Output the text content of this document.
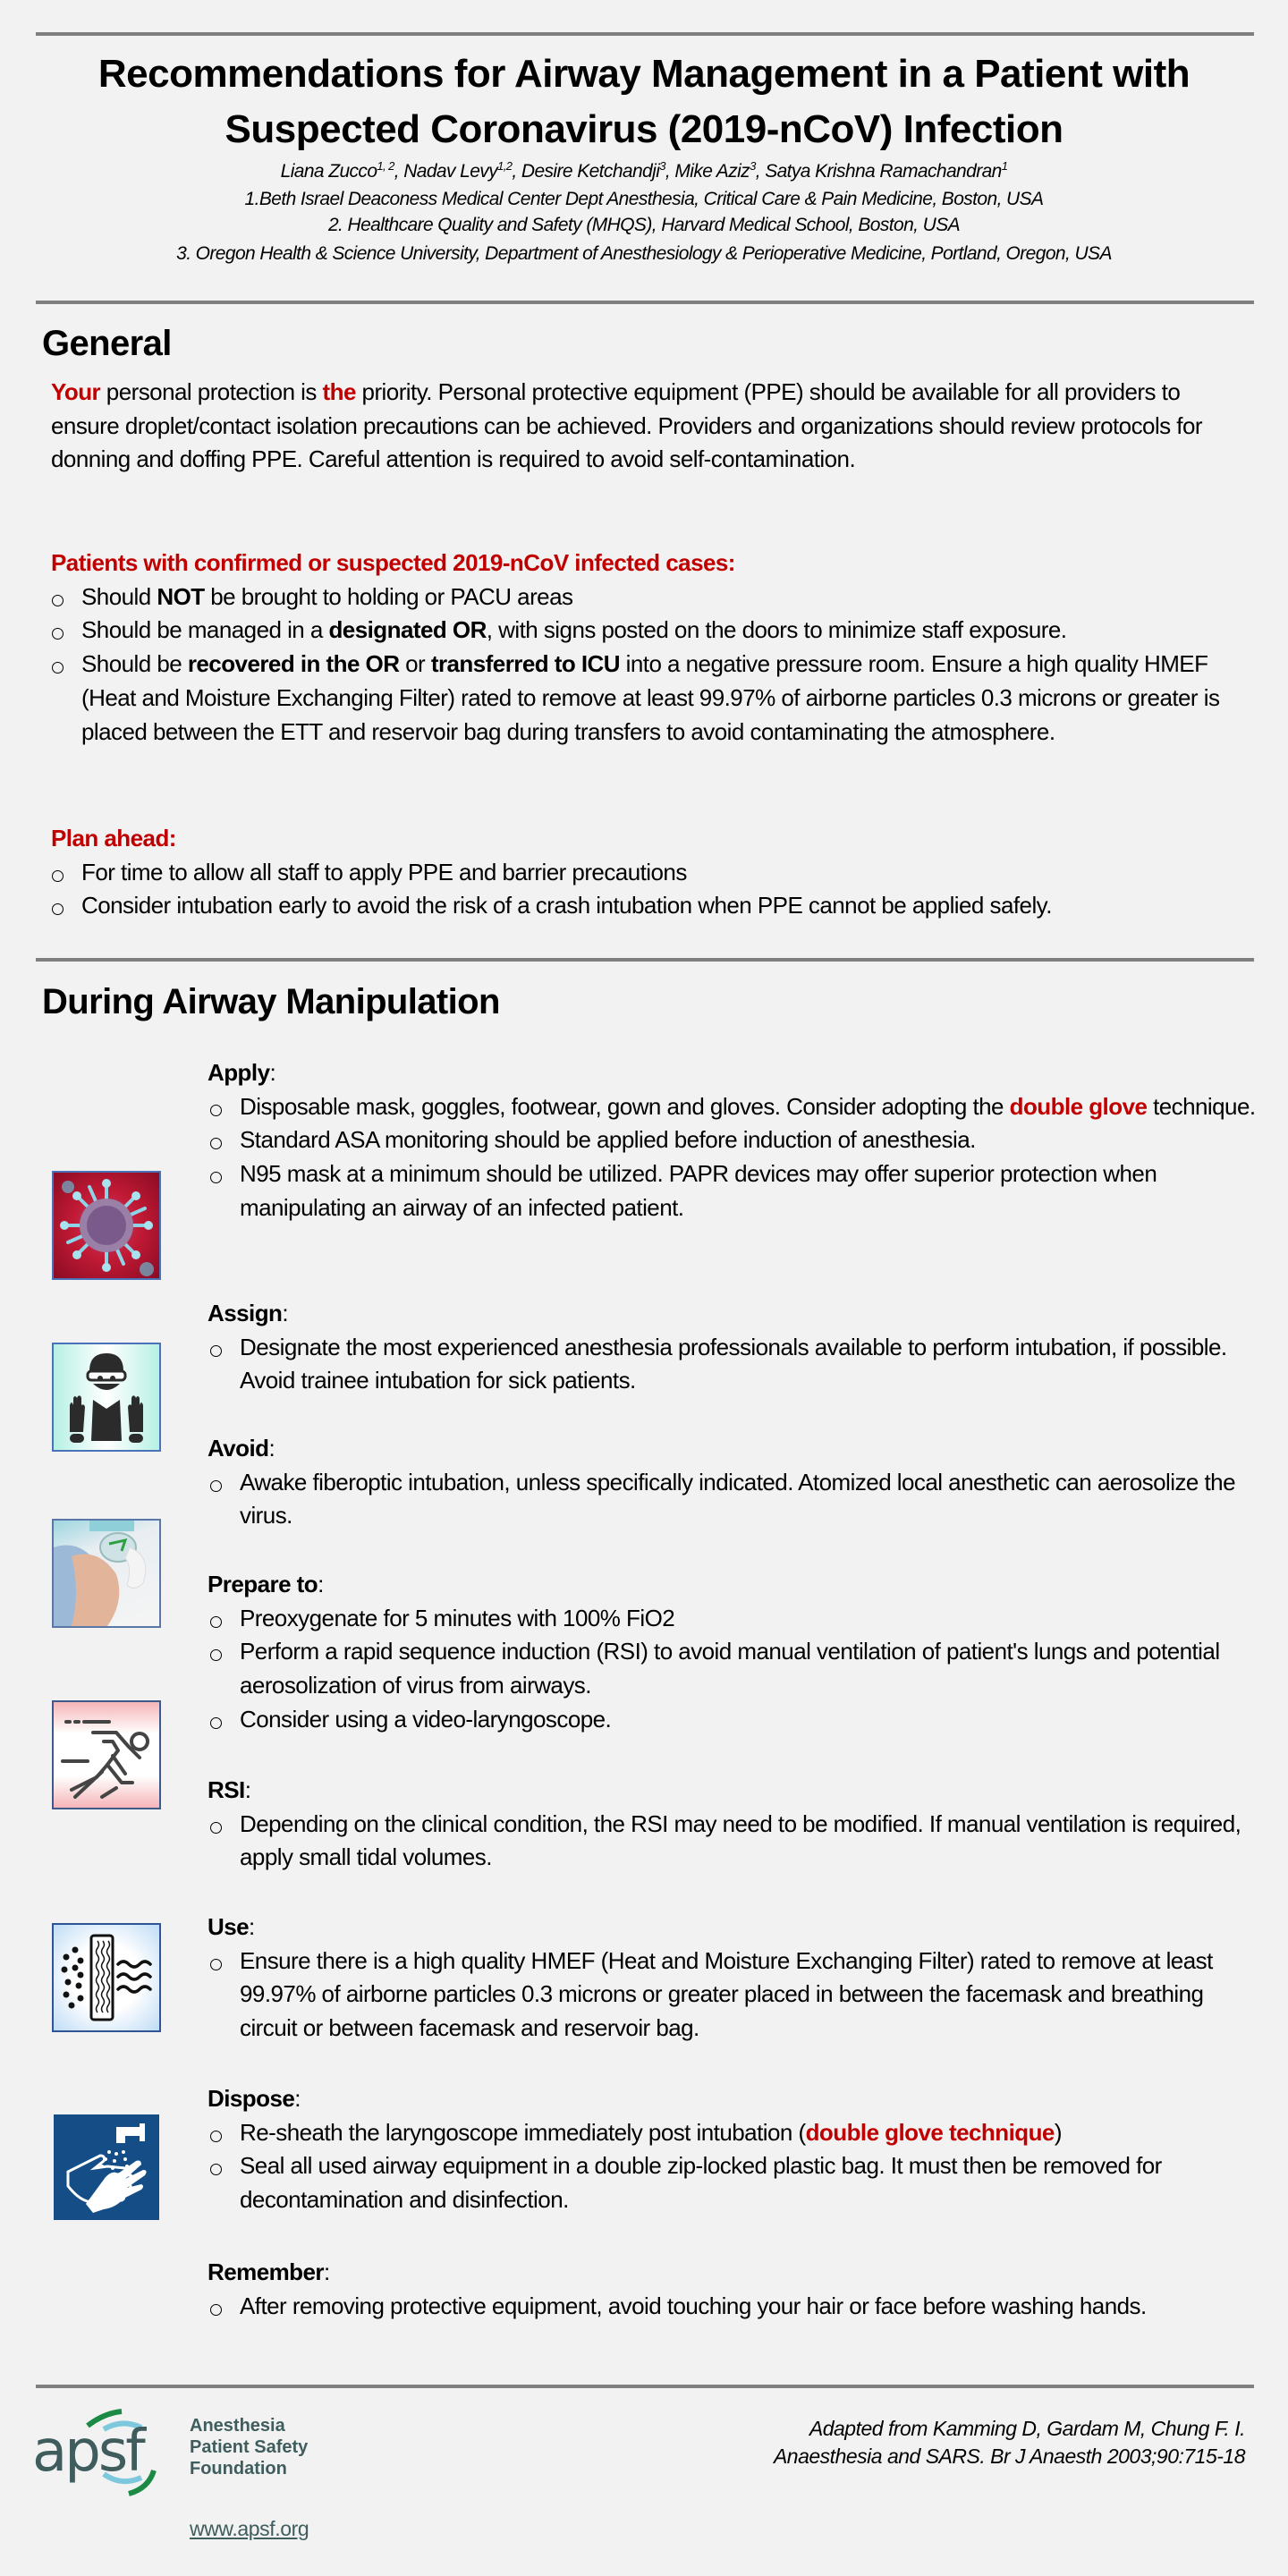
Recommendations for Airway Management in a Patient with
Suspected Coronavirus (2019-nCoV) Infection
Liana Zucco$^{1, 2}$, Nadav Levy$^{1,2}$, Desire Ketchandji$^3$, Mike Aziz$^3$, Satya Krishna Ramachandran$^1$
1.Beth Israel Deaconess Medical Center Dept Anesthesia, Critical Care & Pain Medicine, Boston, USA
2. Healthcare Quality and Safety (MHQS), Harvard Medical School, Boston, USA
3. Oregon Health & Science University, Department of Anesthesiology & Perioperative Medicine, Portland, Oregon, USA
General
Your personal protection is the priority. Personal protective equipment (PPE) should be available for all providers to ensure droplet/contact isolation precautions can be achieved. Providers and organizations should review protocols for donning and doffing PPE. Careful attention is required to avoid self-contamination.
Patients with confirmed or suspected 2019-nCoV infected cases:
Should NOT be brought to holding or PACU areas
Should be managed in a designated OR, with signs posted on the doors to minimize staff exposure.
Should be recovered in the OR or transferred to ICU into a negative pressure room. Ensure a high quality HMEF (Heat and Moisture Exchanging Filter) rated to remove at least 99.97% of airborne particles 0.3 microns or greater is placed between the ETT and reservoir bag during transfers to avoid contaminating the atmosphere.
Plan ahead:
For time to allow all staff to apply PPE and barrier precautions
Consider intubation early to avoid the risk of a crash intubation when PPE cannot be applied safely.
During Airway Manipulation
Apply:
Disposable mask, goggles, footwear, gown and gloves. Consider adopting the double glove technique.
Standard ASA monitoring should be applied before induction of anesthesia.
N95 mask at a minimum should be utilized. PAPR devices may offer superior protection when manipulating an airway of an infected patient.
Assign:
Designate the most experienced anesthesia professionals available to perform intubation, if possible. Avoid trainee intubation for sick patients.
Avoid:
Awake fiberoptic intubation, unless specifically indicated. Atomized local anesthetic can aerosolize the virus.
Prepare to:
Preoxygenate for 5 minutes with 100% FiO2
Perform a rapid sequence induction (RSI) to avoid manual ventilation of patient's lungs and potential aerosolization of virus from airways.
Consider using a video-laryngoscope.
RSI:
Depending on the clinical condition, the RSI may need to be modified. If manual ventilation is required, apply small tidal volumes.
Use:
Ensure there is a high quality HMEF (Heat and Moisture Exchanging Filter) rated to remove at least 99.97% of airborne particles 0.3 microns or greater placed in between the facemask and breathing circuit or between facemask and reservoir bag.
Dispose:
Re-sheath the laryngoscope immediately post intubation (double glove technique)
Seal all used airway equipment in a double zip-locked plastic bag. It must then be removed for decontamination and disinfection.
Remember:
After removing protective equipment, avoid touching your hair or face before washing hands.
apsf	Anesthesia
Patient Safety
Foundation
www.apsf.org
Adapted from Kamming D, Gardam M, Chung F. I.
Anaesthesia and SARS. Br J Anaesth 2003;90:715-18
